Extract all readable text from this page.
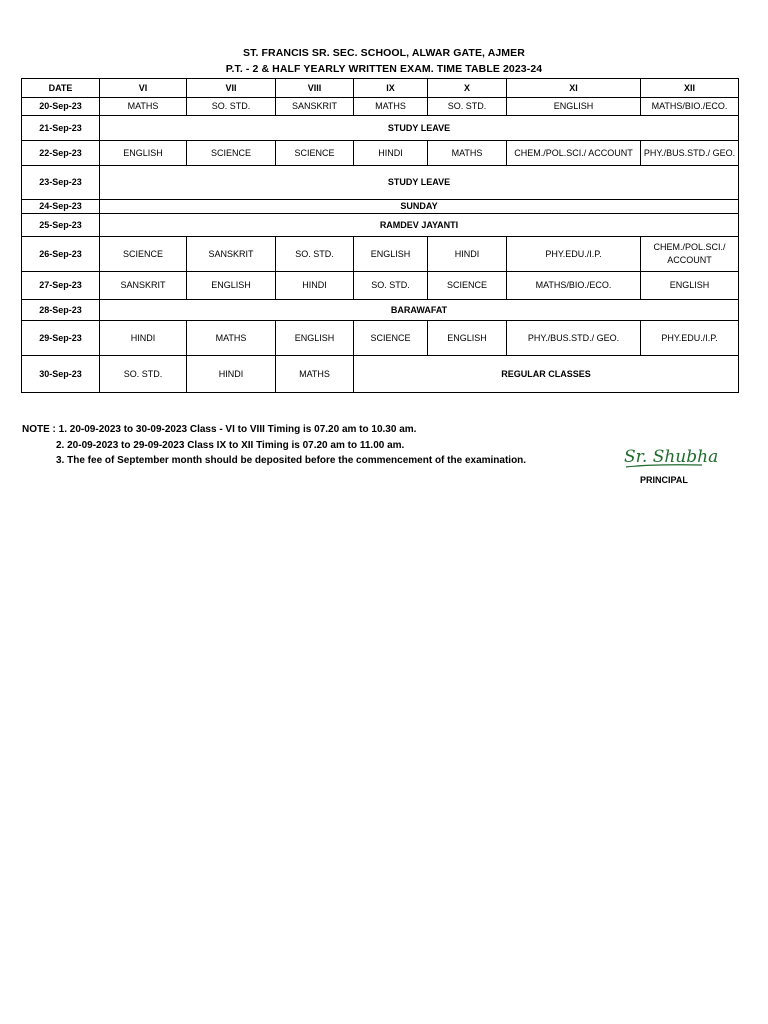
ST. FRANCIS SR. SEC. SCHOOL, ALWAR GATE, AJMER
P.T. - 2 & HALF YEARLY WRITTEN EXAM. TIME TABLE 2023-24
DATE	VI	VII	VIII	IX	X	XI	XII
20-Sep-23	MATHS	SO. STD.	SANSKRIT	MATHS	SO. STD.	ENGLISH	MATHS/BIO./ECO.
21-Sep-23	STUDY LEAVE						
22-Sep-23	ENGLISH	SCIENCE	SCIENCE	HINDI	MATHS	CHEM./POL.SCI./ ACCOUNT	PHY./BUS.STD./ GEO.
23-Sep-23	STUDY LEAVE						
24-Sep-23	SUNDAY						
25-Sep-23	RAMDEV JAYANTI						
26-Sep-23	SCIENCE	SANSKRIT	SO. STD.	ENGLISH	HINDI	PHY.EDU./I.P.	CHEM./POL.SCI./ ACCOUNT
27-Sep-23	SANSKRIT	ENGLISH	HINDI	SO. STD.	SCIENCE	MATHS/BIO./ECO.	ENGLISH
28-Sep-23	BARAWAFAT						
29-Sep-23	HINDI	MATHS	ENGLISH	SCIENCE	ENGLISH	PHY./BUS.STD./ GEO.	PHY.EDU./I.P.
30-Sep-23	SO. STD.	HINDI	MATHS	REGULAR CLASSES			
NOTE : 1. 20-09-2023 to 30-09-2023 Class - VI to VIII Timing is 07.20 am to 10.30 am.
2. 20-09-2023 to 29-09-2023 Class IX to XII Timing is 07.20 am to 11.00 am.
3. The fee of September month should be deposited before the commencement of the examination.	Sr. Shubha
PRINCIPAL
